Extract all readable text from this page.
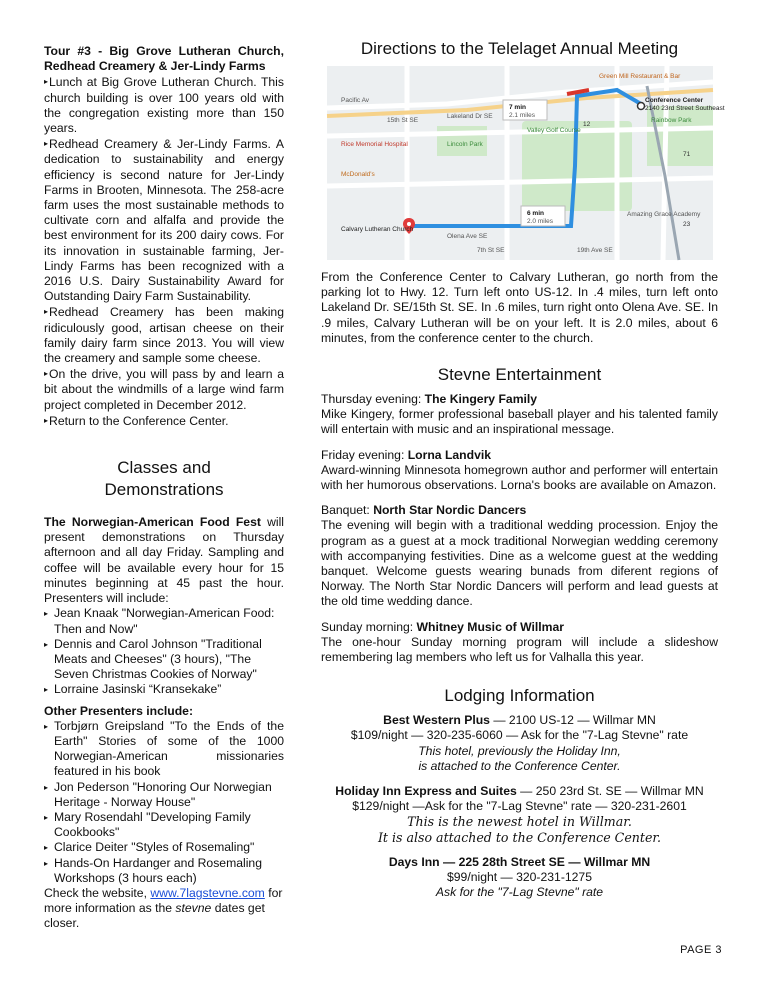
Tour #3 - Big Grove Lutheran Church, Redhead Creamery & Jer-Lindy Farms

▸Lunch at Big Grove Lutheran Church. This church building is over 100 years old with the congregation existing more than 150 years.

▸Redhead Creamery & Jer-Lindy Farms. A dedication to sustainability and energy efficiency is second nature for Jer-Lindy Farms in Brooten, Minnesota. The 258-acre farm uses the most sustainable methods to cultivate corn and alfalfa and provide the best environment for its 200 dairy cows. For its innovation in sustainable farming, Jer-Lindy Farms has been recognized with a 2016 U.S. Dairy Sustainability Award for Outstanding Dairy Farm Sustainability.

▸Redhead Creamery has been making ridiculously good, artisan cheese on their family dairy farm since 2013. You will view the creamery and sample some cheese.

▸On the drive, you will pass by and learn a bit about the windmills of a large wind farm project completed in December 2012.

▸Return to the Conference Center.

Classes and
Demonstrations

The Norwegian-American Food Fest will present demonstrations on Thursday afternoon and all day Friday. Sampling and coffee will be available every hour for 15 minutes beginning at 45 past the hour. Presenters will include:

▸ Jean Knaak "Norwegian-American Food: Then and Now"
▸ Dennis and Carol Johnson "Traditional Meats and Cheeses" (3 hours), "The Seven Christmas Cookies of Norway"
▸ Lorraine Jasinski “Kransekake”

Other Presenters include:

▸ Torbjørn Greipsland "To the Ends of the Earth" Stories of some of the 1000 Norwegian-American missionaries featured in his book
▸ Jon Pederson "Honoring Our Norwegian Heritage - Norway House"
▸ Mary Rosendahl "Developing Family Cookbooks"
▸ Clarice Deiter "Styles of Rosemaling"
▸ Hands-On Hardanger and Rosemaling Workshops (3 hours each)

Check the website, www.7lagstevne.com for more information as the stevne dates get closer.

Directions to the Telelaget Annual Meeting
Pacific Av
Lakeland Dr SE
Green Mill Restaurant & Bar
Conference Center
2140 23rd Street Southeast
Rainbow Park
Valley Golf Course
Lincoln Park
Rice Memorial Hospital
McDonald's
Calvary Lutheran Church
Olena Ave SE
Amazing Grace Academy
15th St SE
7th St SE	19th Ave SE
7 min
2.1 miles
6 min
2.0 miles
12
71
23

From the Conference Center to Calvary Lutheran, go north from the parking lot to Hwy. 12. Turn left onto US-12. In .4 miles, turn left onto Lakeland Dr. SE/15th St. SE. In .6 miles, turn right onto Olena Ave. SE. In .9 miles, Calvary Lutheran will be on your left. It is 2.0 miles, about 6 minutes, from the conference center to the church.

Stevne Entertainment
Thursday evening: The Kingery Family
Mike Kingery, former professional baseball player and his talented family will entertain with music and an inspirational message.
Friday evening: Lorna Landvik
Award-winning Minnesota homegrown author and performer will entertain with her humorous observations. Lorna's books are available on Amazon.
Banquet: North Star Nordic Dancers
The evening will begin with a traditional wedding procession. Enjoy the program as a guest at a mock traditional Norwegian wedding ceremony with accompanying festivities. Dine as a welcome guest at the wedding banquet. Welcome guests wearing bunads from diferent regions of Norway. The North Star Nordic Dancers will perform and lead guests at the old time wedding dance.
Sunday morning: Whitney Music of Willmar
The one-hour Sunday morning program will include a slideshow remembering lag members who left us for Valhalla this year.
Lodging Information
Best Western Plus — 2100 US-12 — Willmar MN
$109/night — 320-235-6060 — Ask for the "7-Lag Stevne" rate
This hotel, previously the Holiday Inn,
is attached to the Conference Center.
Holiday Inn Express and Suites — 250 23rd St. SE — Willmar MN
$129/night —Ask for the "7-Lag Stevne" rate — 320-231-2601
This is the newest hotel in Willmar.
It is also attached to the Conference Center.
Days Inn — 225 28th Street SE — Willmar MN
$99/night — 320-231-1275
Ask for the "7-Lag Stevne" rate
PAGE 3
